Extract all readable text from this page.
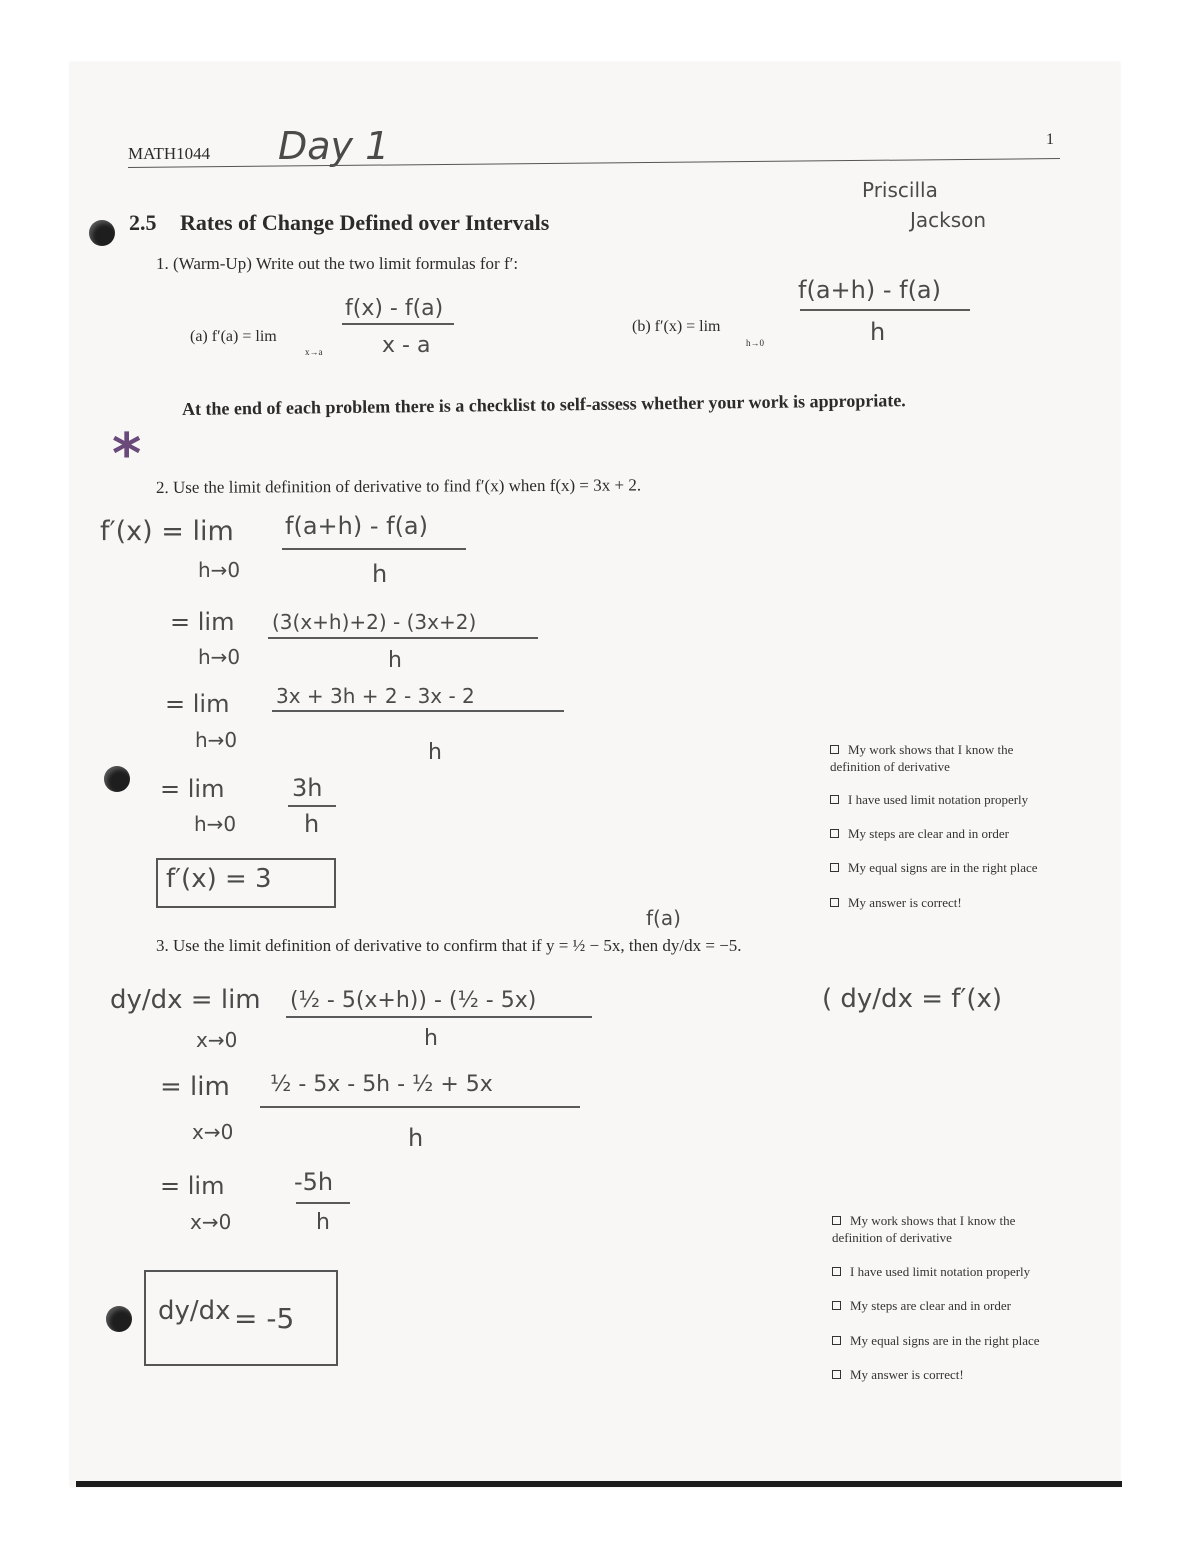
MATH1044 Day 1	1
Priscilla
Jackson
2.5 Rates of Change Defined over Intervals
1. (Warm-Up) Write out the two limit formulas for f′:
(a) f′(a) = lim
x→a
f(x) - f(a)
x - a
(b) f′(x) = lim
h→0
f(a+h) - f(a)
h
At the end of each problem there is a checklist to self-assess whether your work is appropriate.
* 2. Use the limit definition of derivative to find f′(x) when f(x) = 3x + 2.
f′(x) = lim
h→0
f(a+h) - f(a)
h
= lim
h→0
(3(x+h)+2) - (3x+2)
h
= lim
h→0
3x + 3h + 2 - 3x - 2
h
= lim
h→0
3h
h
f′(x) = 3
My work shows that I know the definition of derivative
I have used limit notation properly
My steps are clear and in order
My equal signs are in the right place
My answer is correct!
f(a)
3. Use the limit definition of derivative to confirm that if y = ½ − 5x, then dy/dx = −5.
( dy/dx = f′(x)
dy/dx = lim
x→0
(½ - 5(x+h)) - (½ - 5x)
h
= lim
x→0
½ - 5x - 5h - ½ + 5x
h
= lim
x→0
-5h
h
dy/dx = -5
My work shows that I know the definition of derivative
I have used limit notation properly
My steps are clear and in order
My equal signs are in the right place
My answer is correct!
